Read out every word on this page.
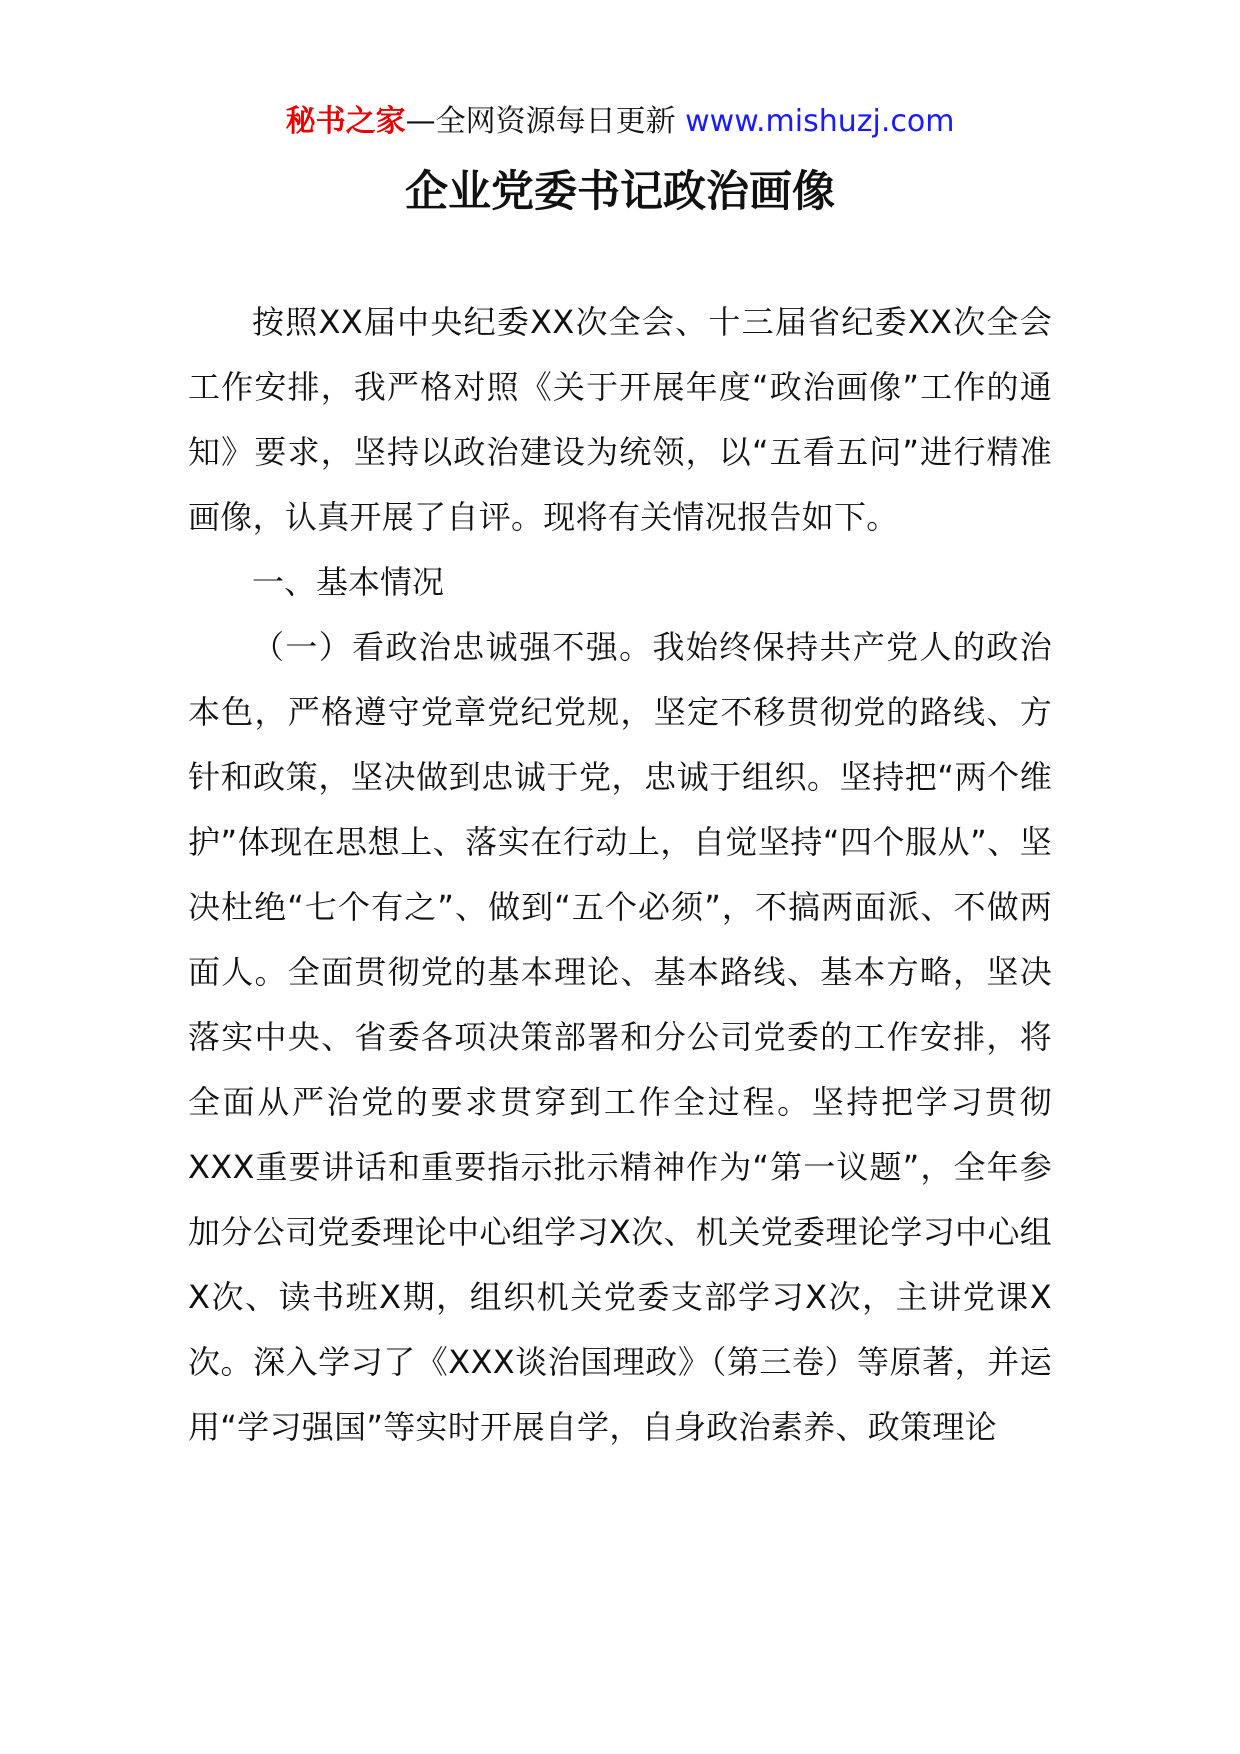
秘书之家—全网资源每日更新 www.mishuzj.com
企业党委书记政治画像

按照XX届中央纪委XX次全会、十三届省纪委XX次全会工作安排，我严格对照《关于开展年度“政治画像”工作的通知》要求，坚持以政治建设为统领，以“五看五问”进行精准画像，认真开展了自评。现将有关情况报告如下。

一、基本情况

（一）看政治忠诚强不强。我始终保持共产党人的政治本色，严格遵守党章党纪党规，坚定不移贯彻党的路线、方针和政策，坚决做到忠诚于党，忠诚于组织。坚持把“两个维护”体现在思想上、落实在行动上，自觉坚持“四个服从”、坚决杜绝“七个有之”、做到“五个必须”，不搞两面派、不做两面人。全面贯彻党的基本理论、基本路线、基本方略，坚决落实中央、省委各项决策部署和分公司党委的工作安排，将全面从严治党的要求贯穿到工作全过程。坚持把学习贯彻XXX重要讲话和重要指示批示精神作为“第一议题”，全年参加分公司党委理论中心组学习X次、机关党委理论学习中心组X次、读书班X期，组织机关党委支部学习X次，主讲党课X次。深入学习了《XXX谈治国理政》（第三卷）等原著，并运用“学习强国”等实时开展自学，自身政治素养、政策理论
